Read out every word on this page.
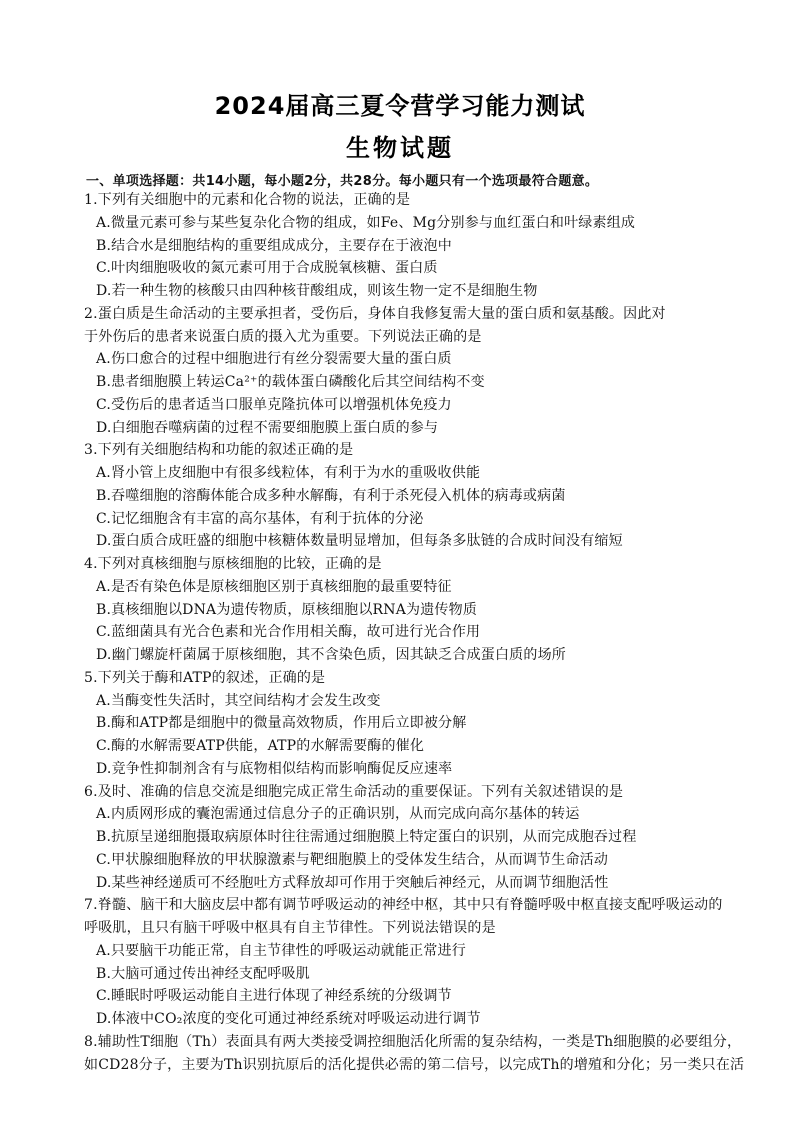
2024届高三夏令营学习能力测试
生物试题
一、单项选择题：共14小题，每小题2分，共28分。每小题只有一个选项最符合题意。
1.下列有关细胞中的元素和化合物的说法，正确的是
A.微量元素可参与某些复杂化合物的组成，如Fe、Mg分别参与血红蛋白和叶绿素组成
B.结合水是细胞结构的重要组成成分，主要存在于液泡中
C.叶肉细胞吸收的氮元素可用于合成脱氧核糖、蛋白质
D.若一种生物的核酸只由四种核苷酸组成，则该生物一定不是细胞生物
2.蛋白质是生命活动的主要承担者，受伤后，身体自我修复需大量的蛋白质和氨基酸。因此对
于外伤后的患者来说蛋白质的摄入尤为重要。下列说法正确的是
A.伤口愈合的过程中细胞进行有丝分裂需要大量的蛋白质
B.患者细胞膜上转运Ca²⁺的载体蛋白磷酸化后其空间结构不变
C.受伤后的患者适当口服单克隆抗体可以增强机体免疫力
D.白细胞吞噬病菌的过程不需要细胞膜上蛋白质的参与
3.下列有关细胞结构和功能的叙述正确的是
A.肾小管上皮细胞中有很多线粒体，有利于为水的重吸收供能
B.吞噬细胞的溶酶体能合成多种水解酶，有利于杀死侵入机体的病毒或病菌
C.记忆细胞含有丰富的高尔基体，有利于抗体的分泌
D.蛋白质合成旺盛的细胞中核糖体数量明显增加，但每条多肽链的合成时间没有缩短
4.下列对真核细胞与原核细胞的比较，正确的是
A.是否有染色体是原核细胞区别于真核细胞的最重要特征
B.真核细胞以DNA为遗传物质，原核细胞以RNA为遗传物质
C.蓝细菌具有光合色素和光合作用相关酶，故可进行光合作用
D.幽门螺旋杆菌属于原核细胞，其不含染色质，因其缺乏合成蛋白质的场所
5.下列关于酶和ATP的叙述，正确的是
A.当酶变性失活时，其空间结构才会发生改变
B.酶和ATP都是细胞中的微量高效物质，作用后立即被分解
C.酶的水解需要ATP供能，ATP的水解需要酶的催化
D.竞争性抑制剂含有与底物相似结构而影响酶促反应速率
6.及时、准确的信息交流是细胞完成正常生命活动的重要保证。下列有关叙述错误的是
A.内质网形成的囊泡需通过信息分子的正确识别，从而完成向高尔基体的转运
B.抗原呈递细胞摄取病原体时往往需通过细胞膜上特定蛋白的识别，从而完成胞吞过程
C.甲状腺细胞释放的甲状腺激素与靶细胞膜上的受体发生结合，从而调节生命活动
D.某些神经递质可不经胞吐方式释放却可作用于突触后神经元，从而调节细胞活性
7.脊髓、脑干和大脑皮层中都有调节呼吸运动的神经中枢，其中只有脊髓呼吸中枢直接支配呼吸运动的
呼吸肌，且只有脑干呼吸中枢具有自主节律性。下列说法错误的是
A.只要脑干功能正常，自主节律性的呼吸运动就能正常进行
B.大脑可通过传出神经支配呼吸肌
C.睡眠时呼吸运动能自主进行体现了神经系统的分级调节
D.体液中CO₂浓度的变化可通过神经系统对呼吸运动进行调节
8.辅助性T细胞（Th）表面具有两大类接受调控细胞活化所需的复杂结构，一类是Th细胞膜的必要组分，
如CD28分子，主要为Th识别抗原后的活化提供必需的第二信号，以完成Th的增殖和分化；另一类只在活
